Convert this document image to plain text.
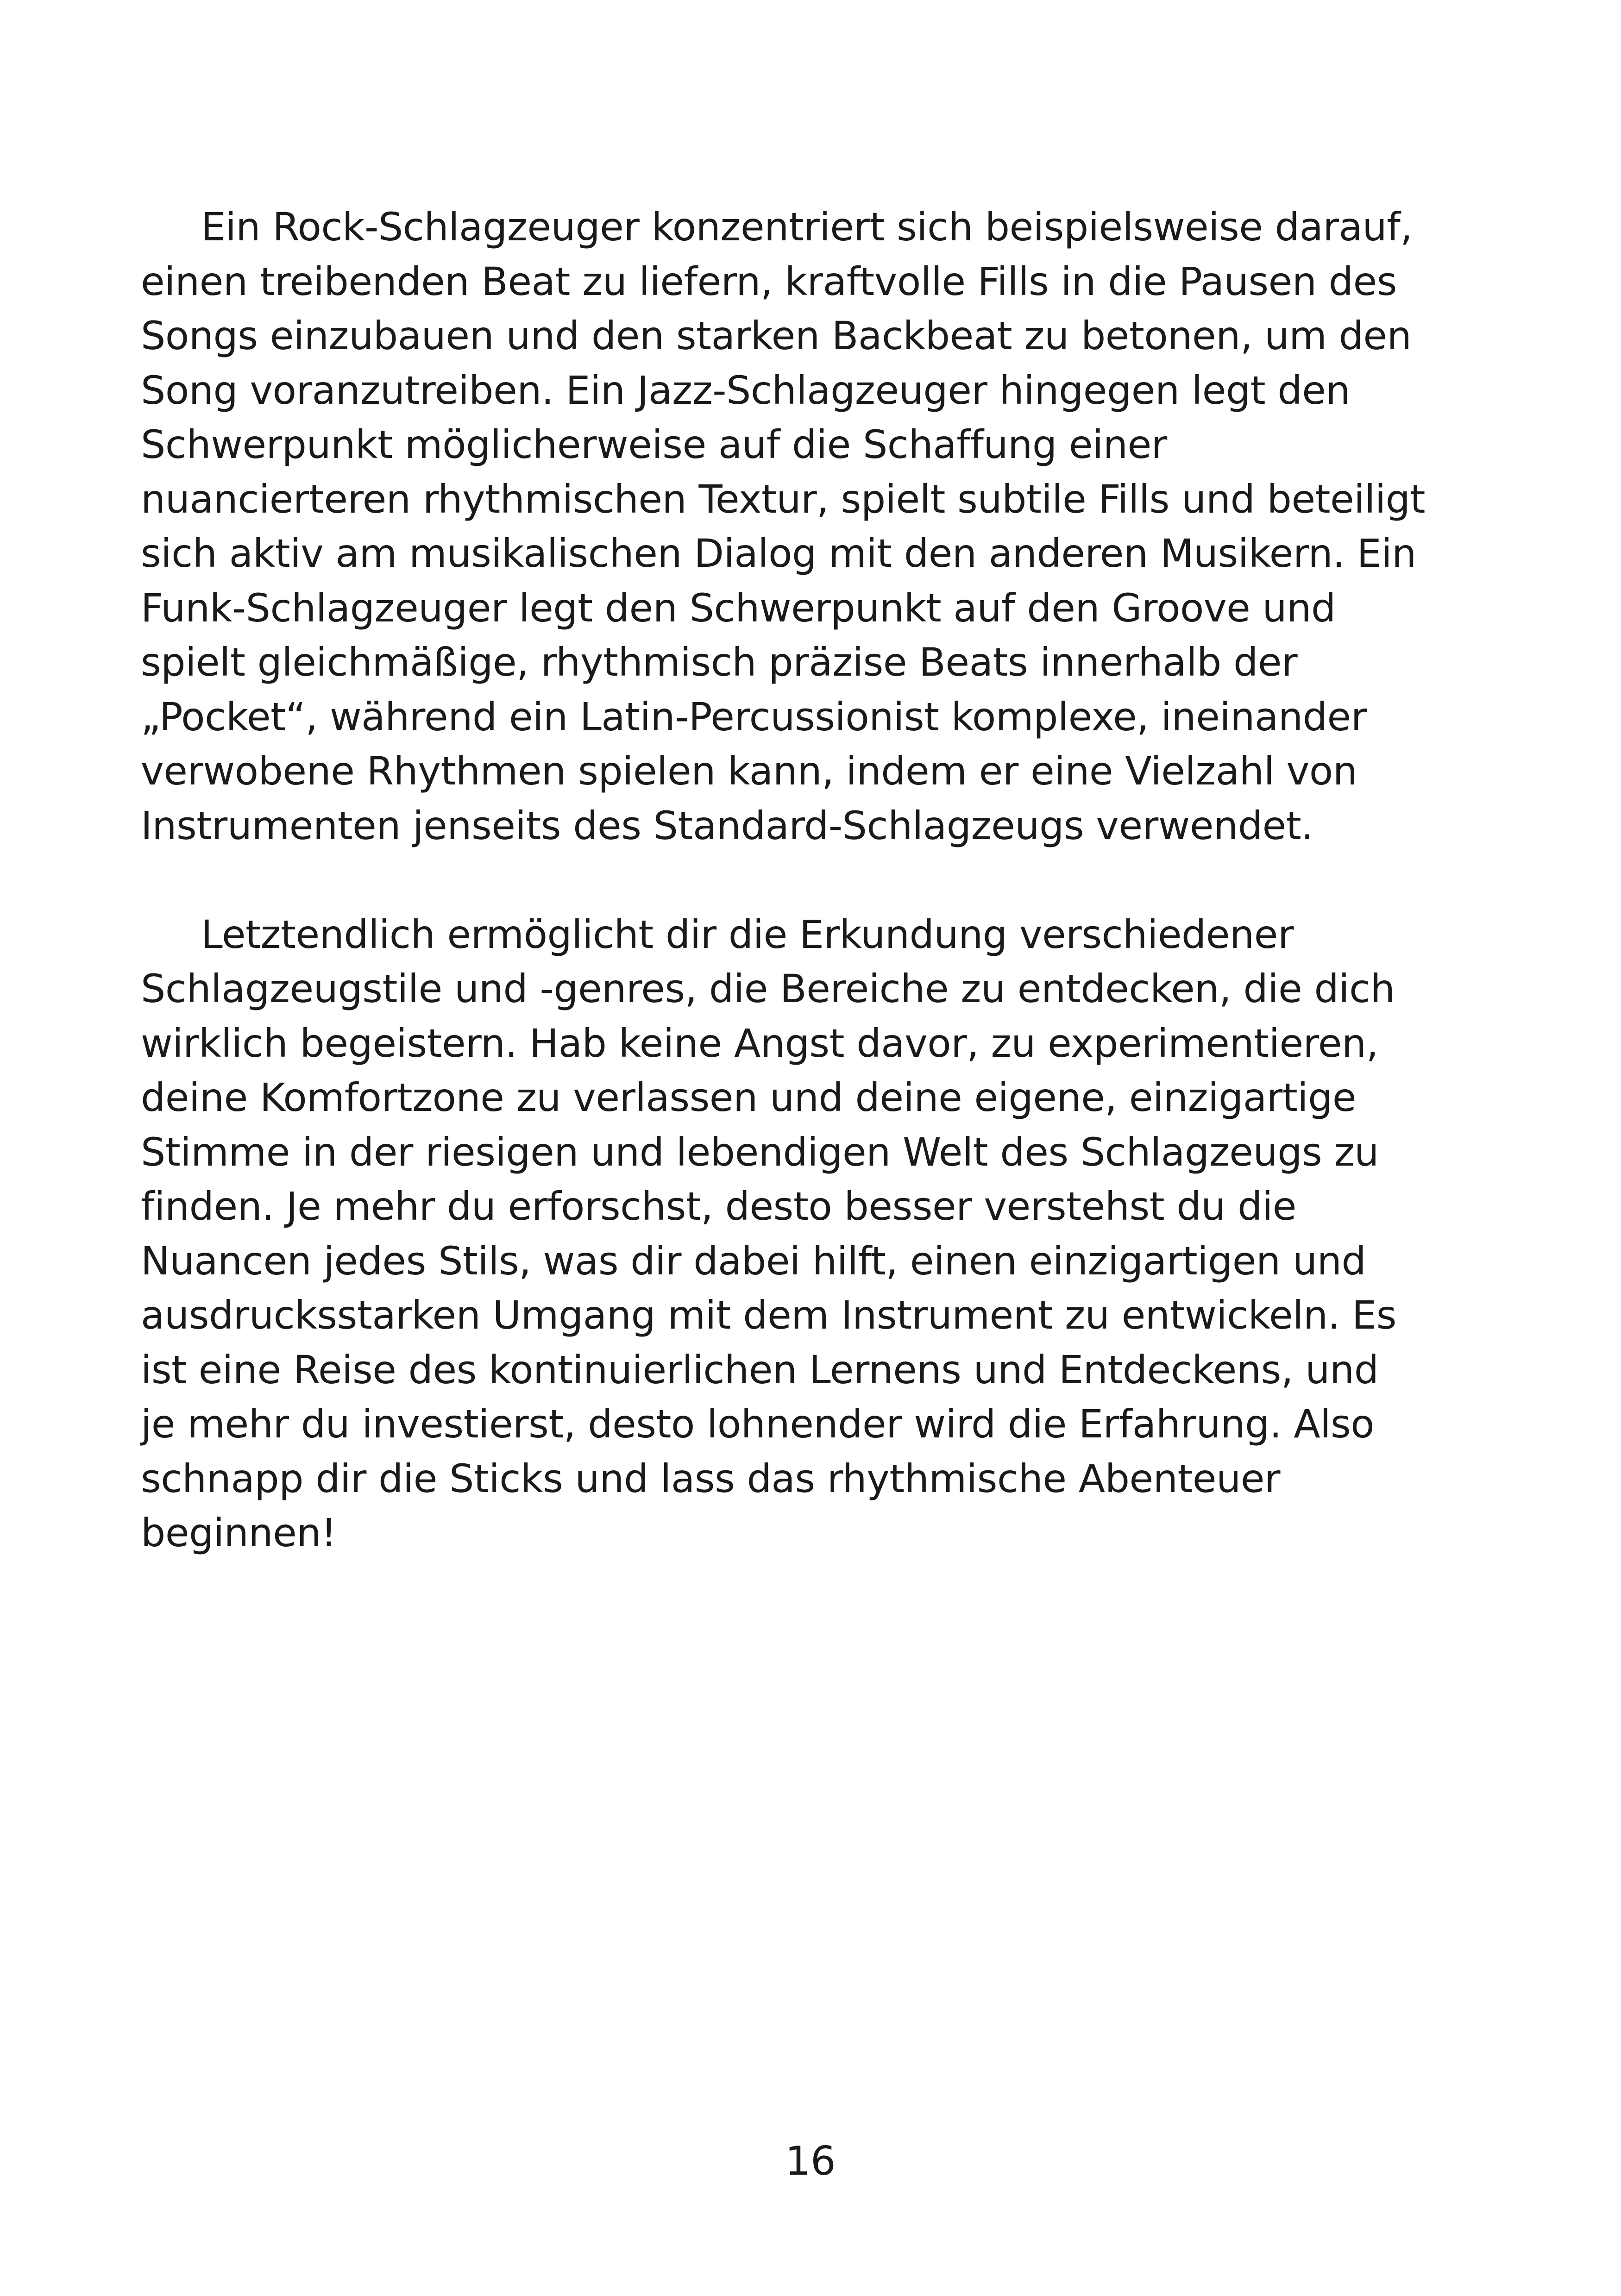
Ein Rock-Schlagzeuger konzentriert sich beispielsweise darauf,
einen treibenden Beat zu liefern, kraftvolle Fills in die Pausen des
Songs einzubauen und den starken Backbeat zu betonen, um den
Song voranzutreiben. Ein Jazz-Schlagzeuger hingegen legt den
Schwerpunkt möglicherweise auf die Schaffung einer
nuancierteren rhythmischen Textur, spielt subtile Fills und beteiligt
sich aktiv am musikalischen Dialog mit den anderen Musikern. Ein
Funk-Schlagzeuger legt den Schwerpunkt auf den Groove und
spielt gleichmäßige, rhythmisch präzise Beats innerhalb der
„Pocket“, während ein Latin-Percussionist komplexe, ineinander
verwobene Rhythmen spielen kann, indem er eine Vielzahl von
Instrumenten jenseits des Standard-Schlagzeugs verwendet.

Letztendlich ermöglicht dir die Erkundung verschiedener
Schlagzeugstile und -genres, die Bereiche zu entdecken, die dich
wirklich begeistern. Hab keine Angst davor, zu experimentieren,
deine Komfortzone zu verlassen und deine eigene, einzigartige
Stimme in der riesigen und lebendigen Welt des Schlagzeugs zu
finden. Je mehr du erforschst, desto besser verstehst du die
Nuancen jedes Stils, was dir dabei hilft, einen einzigartigen und
ausdrucksstarken Umgang mit dem Instrument zu entwickeln. Es
ist eine Reise des kontinuierlichen Lernens und Entdeckens, und
je mehr du investierst, desto lohnender wird die Erfahrung. Also
schnapp dir die Sticks und lass das rhythmische Abenteuer
beginnen!

16
